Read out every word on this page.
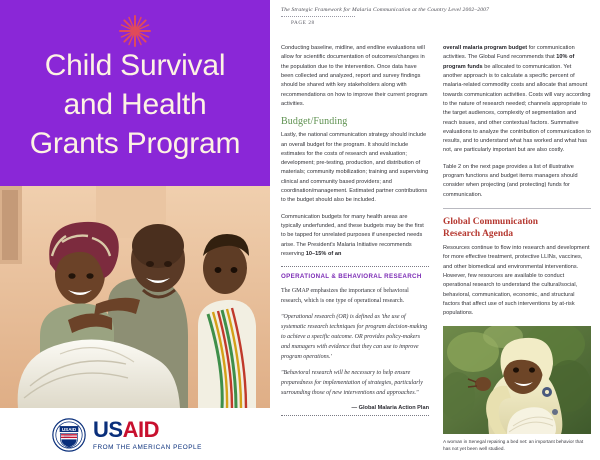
Child Survival
and Health
Grants Program
USAID USAID
FROM THE AMERICAN PEOPLE
The Strategic Framework for Malaria Communication at the Country Level 2002–2007
PAGE 28

Conducting baseline, midline, and endline evaluations will allow for scientific documentation of outcomes/changes in the population due to the intervention. Once data have been collected and analyzed, report and survey findings should be shared with key stakeholders along with recommendations on how to improve their current program activities.

Budget/Funding

Lastly, the national communication strategy should include an overall budget for the program. It should include estimates for the costs of research and evaluation; development; pre-testing, production, and distribution of materials; community mobilization; training and supervising clinical and community based providers; and coordination/management. Estimated partner contributions to the budget should also be included.

Communication budgets for many health areas are typically underfunded, and these budgets may be the first to be tapped for unrelated purposes if unexpected needs arise. The President's Malaria Initiative recommends reserving 10–15% of an

OPERATIONAL & BEHAVIORAL RESEARCH

The GMAP emphasizes the importance of behavioral research, which is one type of operational research.

"Operational research (OR) is defined as 'the use of systematic research techniques for program decision-making to achieve a specific outcome. OR provides policy-makers and managers with evidence that they can use to improve program operations.'

"Behavioral research will be necessary to help ensure preparedness for implementation of strategies, particularly surrounding those of new interventions and approaches."

— Global Malaria Action Plan

overall malaria program budget for communication activities. The Global Fund recommends that 10% of program funds be allocated to communication. Yet another approach is to calculate a specific percent of malaria-related commodity costs and allocate that amount towards communication activities. Costs will vary according to the nature of research needed; channels appropriate to the target audiences, complexity of segmentation and reach issues, and other contextual factors. Summative evaluations to analyze the contribution of communication to results, and to understand what has worked and what has not, are particularly important but are also costly.

Table 2 on the next page provides a list of illustrative program functions and budget items managers should consider when projecting (and protecting) funds for communication.

Global Communication
Research Agenda

Resources continue to flow into research and development for more effective treatment, protective LLINs, vaccines, and other biomedical and environmental interventions. However, few resources are available to conduct operational research to understand the cultural/social, behavioral, communication, economic, and structural factors that affect use of such interventions by at-risk populations.

A woman in Senegal repairing a bed net: an important behavior that has not yet been well studied.
